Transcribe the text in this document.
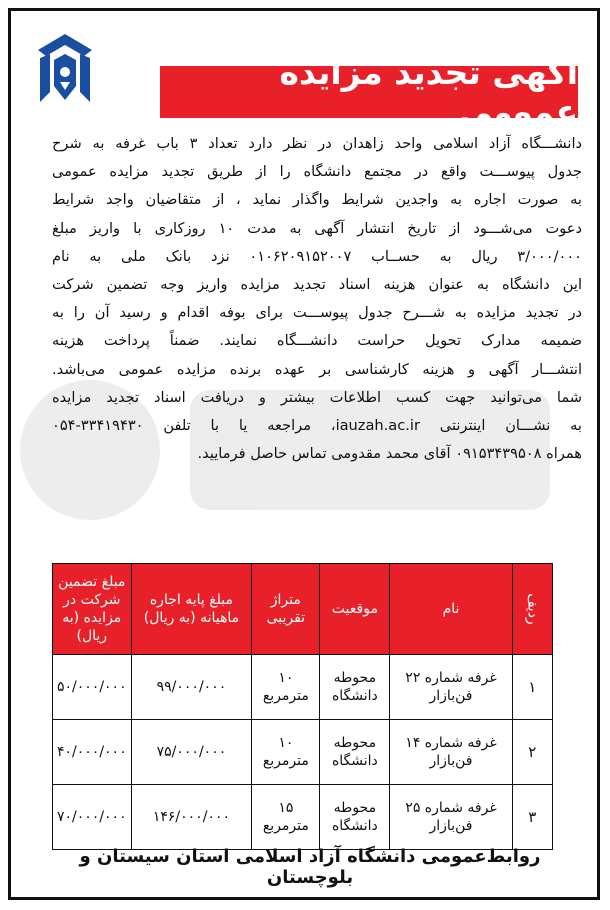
آگهی تجدید مزایده عمومی
دانشـــگاه آزاد اسلامی واحد زاهدان در نظر دارد تعداد ۳ باب غرفه به شرح
جدول پیوســـت واقع در مجتمع دانشگاه را از طریق تجدید مزایده عمومی
به صورت اجاره به واجدین شرایط واگذار نماید ، از متقاضیان واجد شرایط
دعوت می‌شـــود از تاریخ انتشار آگهی به مدت ۱۰ روزکاری با واریز مبلغ
۳/۰۰۰/۰۰۰ ریال به حســاب ۰۱۰۶۲۰۹۱۵۲۰۰۷ نزد بانک ملی به نام
این دانشگاه به عنوان هزینه اسناد تجدید مزایده واریز وجه تضمین شرکت
در تجدید مزایده به شـــرح جدول پیوســـت برای بوفه اقدام و رسید آن را به
ضمیمه مدارک تحویل حراست دانشـــگاه نمایند. ضمناً پرداخت هزینه
انتشـــار آگهی و هزینه کارشناسی بر عهده برنده مزایده عمومی می‌باشد.
شما می‌توانید جهت کسب اطلاعات بیشتر و دریافت اسناد تجدید مزایده
به نشـــان اینترنتی iauzah.ac.ir، مراجعه یا با تلفن ۳۳۴۱۹۴۳۰-۰۵۴
همراه ۰۹۱۵۳۴۳۹۵۰۸ آقای محمد مقدومی تماس حاصل فرمایید.
ردیف	نام	موقعیت	متراژ تقریبی	مبلغ پایه اجاره ماهیانه (به ریال)	مبلغ تضمین شرکت در مزایده (به ریال)
۱	غرفه شماره ۲۲ فن‌بازار	محوطه دانشگاه	۱۰ مترمربع	۹۹/۰۰۰/۰۰۰	۵۰/۰۰۰/۰۰۰
۲	غرفه شماره ۱۴ فن‌بازار	محوطه دانشگاه	۱۰ مترمربع	۷۵/۰۰۰/۰۰۰	۴۰/۰۰۰/۰۰۰
۳	غرفه شماره ۲۵ فن‌بازار	محوطه دانشگاه	۱۵ مترمربع	۱۴۶/۰۰۰/۰۰۰	۷۰/۰۰۰/۰۰۰
روابط‌عمومی دانشگاه آزاد اسلامی استان سیستان و بلوچستان
